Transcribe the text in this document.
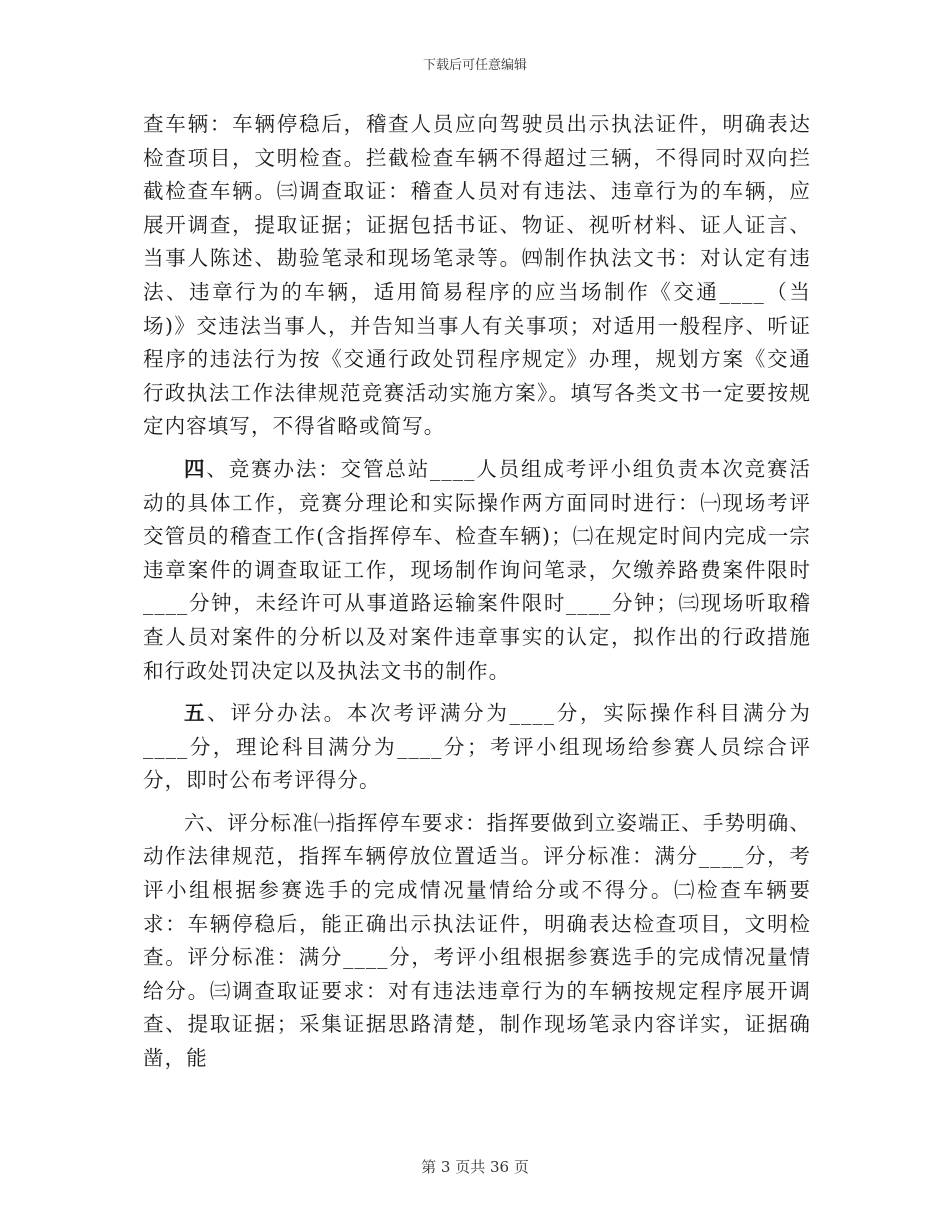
下载后可任意编辑

查车辆：车辆停稳后，稽查人员应向驾驶员出示执法证件，明确表达检查项目，文明检查。拦截检查车辆不得超过三辆，不得同时双向拦截检查车辆。㈢调查取证：稽查人员对有违法、违章行为的车辆，应展开调查，提取证据；证据包括书证、物证、视听材料、证人证言、当事人陈述、勘验笔录和现场笔录等。㈣制作执法文书：对认定有违法、违章行为的车辆，适用简易程序的应当场制作《交通____（当场)》交违法当事人，并告知当事人有关事项；对适用一般程序、听证程序的违法行为按《交通行政处罚程序规定》办理，规划方案《交通行政执法工作法律规范竞赛活动实施方案》。填写各类文书一定要按规定内容填写，不得省略或简写。

四、竞赛办法：交管总站____人员组成考评小组负责本次竞赛活动的具体工作，竞赛分理论和实际操作两方面同时进行：㈠现场考评交管员的稽查工作(含指挥停车、检查车辆)；㈡在规定时间内完成一宗违章案件的调查取证工作，现场制作询问笔录，欠缴养路费案件限时____分钟，未经许可从事道路运输案件限时____分钟；㈢现场听取稽查人员对案件的分析以及对案件违章事实的认定，拟作出的行政措施和行政处罚决定以及执法文书的制作。

五、评分办法。本次考评满分为____分，实际操作科目满分为____分，理论科目满分为____分；考评小组现场给参赛人员综合评分，即时公布考评得分。

六、评分标准㈠指挥停车要求：指挥要做到立姿端正、手势明确、动作法律规范，指挥车辆停放位置适当。评分标准：满分____分，考评小组根据参赛选手的完成情况量情给分或不得分。㈡检查车辆要求：车辆停稳后，能正确出示执法证件，明确表达检查项目，文明检查。评分标准：满分____分，考评小组根据参赛选手的完成情况量情给分。㈢调查取证要求：对有违法违章行为的车辆按规定程序展开调查、提取证据；采集证据思路清楚，制作现场笔录内容详实，证据确凿，能

第 3 页共 36 页
